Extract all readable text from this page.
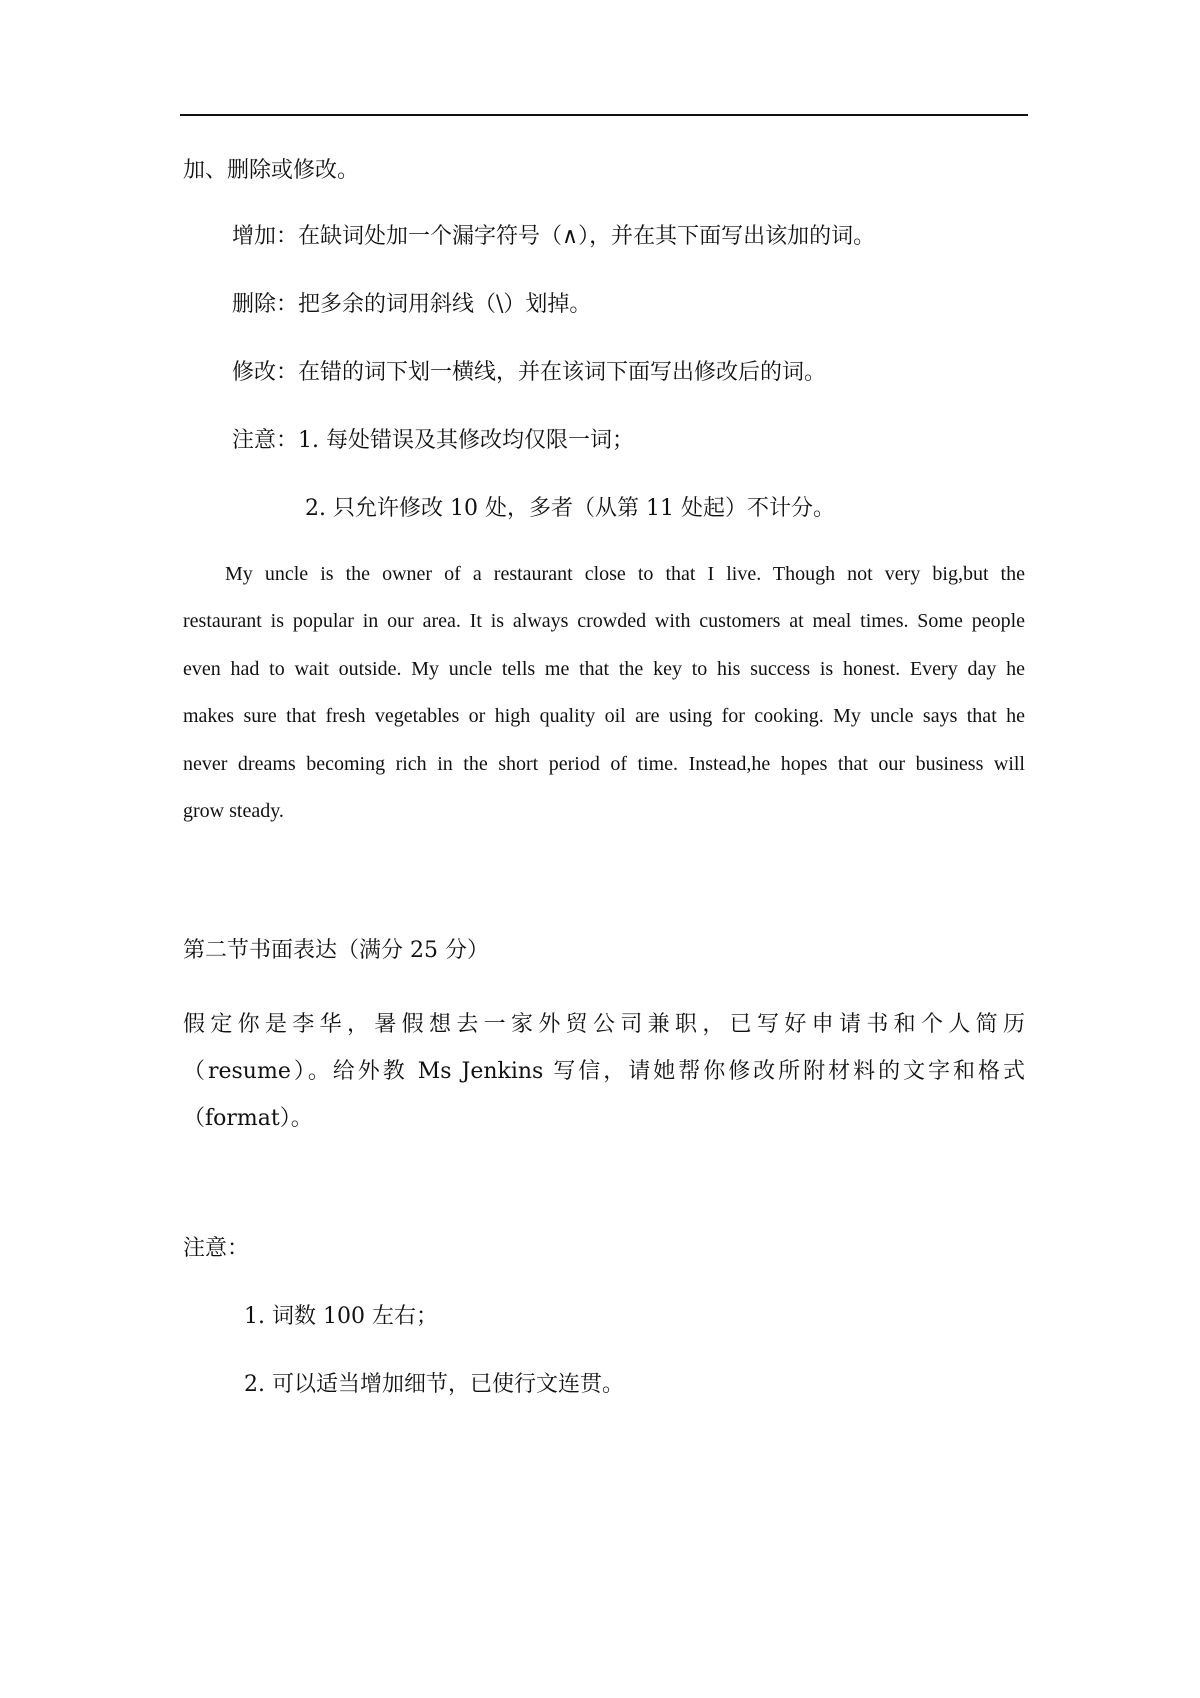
加、删除或修改。
增加：在缺词处加一个漏字符号（∧），并在其下面写出该加的词。
删除：把多余的词用斜线（\）划掉。
修改：在错的词下划一横线，并在该词下面写出修改后的词。
注意：1. 每处错误及其修改均仅限一词；
2. 只允许修改 10 处，多者（从第 11 处起）不计分。
My uncle is the owner of a restaurant close to that I live. Though not very big,but the
restaurant is popular in our area. It is always crowded with customers at meal times. Some people
even had to wait outside. My uncle tells me that the key to his success is honest. Every day he
makes sure that fresh vegetables or high quality oil are using for cooking. My uncle says that he
never dreams becoming rich in the short period of time. Instead,he hopes that our business will
grow steady.
第二节书面表达（满分 25 分）
假定你是李华，暑假想去一家外贸公司兼职，已写好申请书和个人简历
（resume）。给外教 Ms Jenkins 写信，请她帮你修改所附材料的文字和格式
（format）。
注意：
1. 词数 100 左右；
2. 可以适当增加细节，已使行文连贯。
